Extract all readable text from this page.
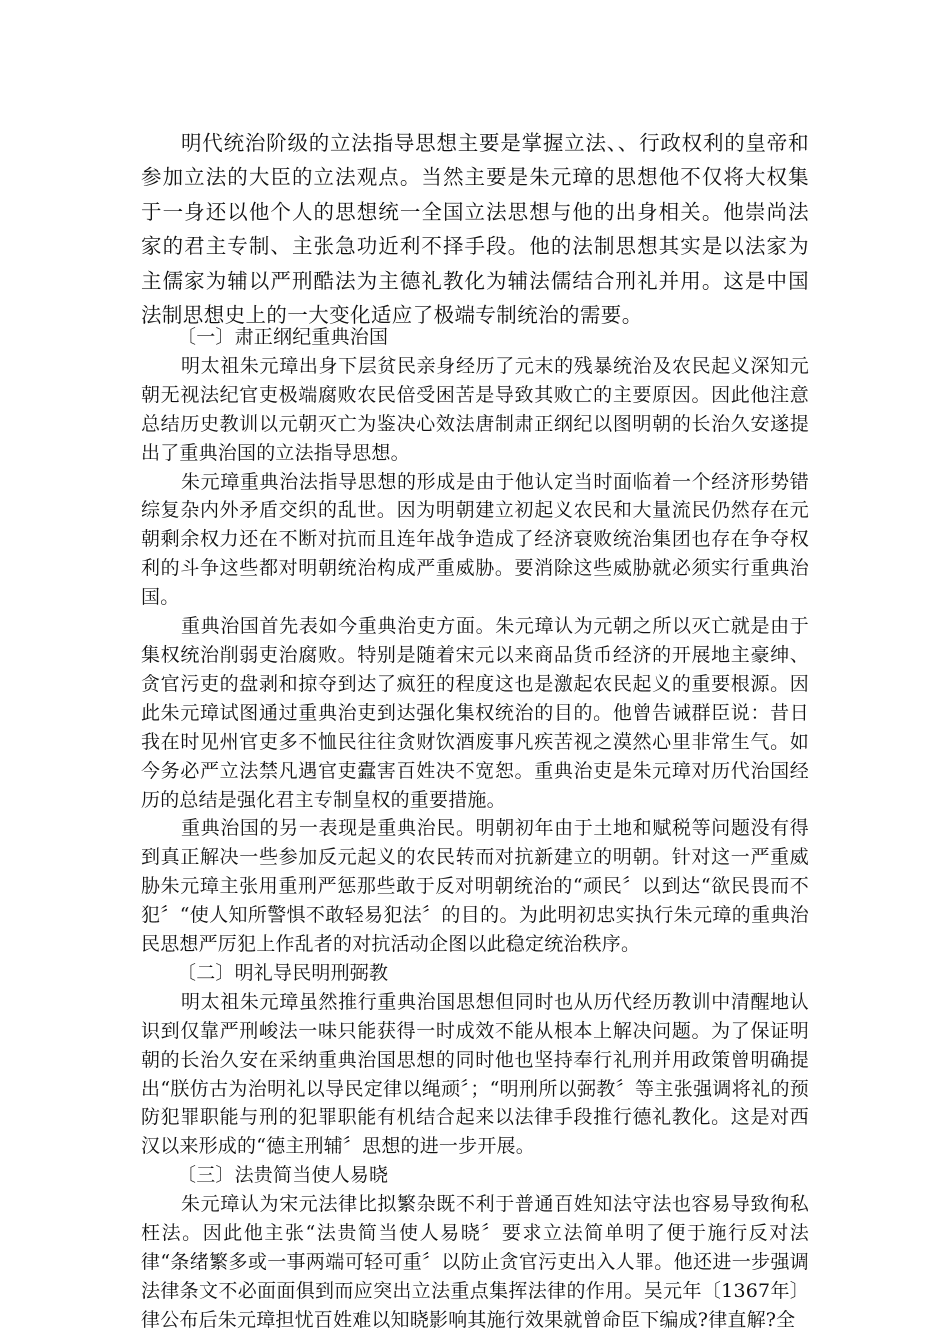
明代统治阶级的立法指导思想主要是掌握立法、、行政权利的皇帝和参加立法的大臣的立法观点。当然主要是朱元璋的思想他不仅将大权集于一身还以他个人的思想统一全国立法思想与他的出身相关。他崇尚法家的君主专制、主张急功近利不择手段。他的法制思想其实是以法家为主儒家为辅以严刑酷法为主德礼教化为辅法儒结合刑礼并用。这是中国法制思想史上的一大变化适应了极端专制统治的需要。

〔一〕肃正纲纪重典治国

明太祖朱元璋出身下层贫民亲身经历了元末的残暴统治及农民起义深知元朝无视法纪官吏极端腐败农民倍受困苦是导致其败亡的主要原因。因此他注意总结历史教训以元朝灭亡为鉴决心效法唐制肃正纲纪以图明朝的长治久安遂提出了重典治国的立法指导思想。

朱元璋重典治法指导思想的形成是由于他认定当时面临着一个经济形势错综复杂内外矛盾交织的乱世。因为明朝建立初起义农民和大量流民仍然存在元朝剩余权力还在不断对抗而且连年战争造成了经济衰败统治集团也存在争夺权利的斗争这些都对明朝统治构成严重威胁。要消除这些威胁就必须实行重典治国。

重典治国首先表如今重典治吏方面。朱元璋认为元朝之所以灭亡就是由于集权统治削弱吏治腐败。特别是随着宋元以来商品货币经济的开展地主豪绅、贪官污吏的盘剥和掠夺到达了疯狂的程度这也是激起农民起义的重要根源。因此朱元璋试图通过重典治吏到达强化集权统治的目的。他曾告诫群臣说：昔日我在时见州官吏多不恤民往往贪财饮酒废事凡疾苦视之漠然心里非常生气。如今务必严立法禁凡遇官吏蠹害百姓决不宽恕。重典治吏是朱元璋对历代治国经历的总结是强化君主专制皇权的重要措施。

重典治国的另一表现是重典治民。明朝初年由于土地和赋税等问题没有得到真正解决一些参加反元起义的农民转而对抗新建立的明朝。针对这一严重威胁朱元璋主张用重刑严惩那些敢于反对明朝统治的“顽民〞以到达“欲民畏而不犯〞“使人知所警惧不敢轻易犯法〞的目的。为此明初忠实执行朱元璋的重典治民思想严厉犯上作乱者的对抗活动企图以此稳定统治秩序。

〔二〕明礼导民明刑弼教

明太祖朱元璋虽然推行重典治国思想但同时也从历代经历教训中清醒地认识到仅靠严刑峻法一味只能获得一时成效不能从根本上解决问题。为了保证明朝的长治久安在采纳重典治国思想的同时他也坚持奉行礼刑并用政策曾明确提出“朕仿古为治明礼以导民定律以绳顽〞；“明刑所以弼教〞等主张强调将礼的预防犯罪职能与刑的犯罪职能有机结合起来以法律手段推行德礼教化。这是对西汉以来形成的“德主刑辅〞思想的进一步开展。

〔三〕法贵简当使人易晓

朱元璋认为宋元法律比拟繁杂既不利于普通百姓知法守法也容易导致徇私枉法。因此他主张“法贵简当使人易晓〞要求立法简单明了便于施行反对法律“条绪繁多或一事两端可轻可重〞以防止贪官污吏出入人罪。他还进一步强调法律条文不必面面俱到而应突出立法重点集挥法律的作用。吴元年〔1367年〕律公布后朱元璋担忧百姓难以知晓影响其施行效果就曾命臣下编成?律直解?全
